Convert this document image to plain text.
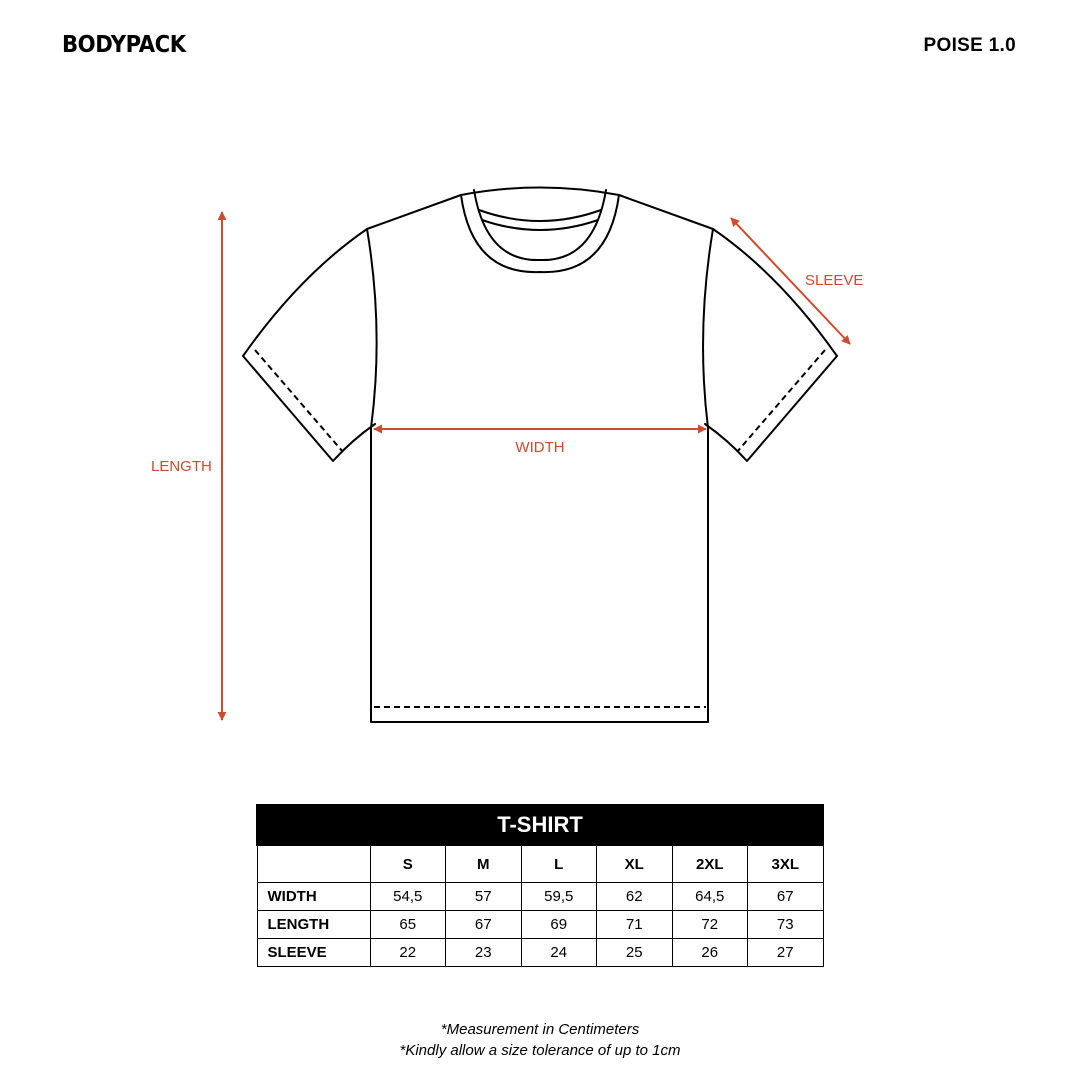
BODYPACK	POISE 1.0
LENGTH
WIDTH
SLEEVE
T-SHIRT						
	S	M	L	XL	2XL	3XL
WIDTH	54,5	57	59,5	62	64,5	67
LENGTH	65	67	69	71	72	73
SLEEVE	22	23	24	25	26	27
*Measurement in Centimeters
*Kindly allow a size tolerance of up to 1cm
